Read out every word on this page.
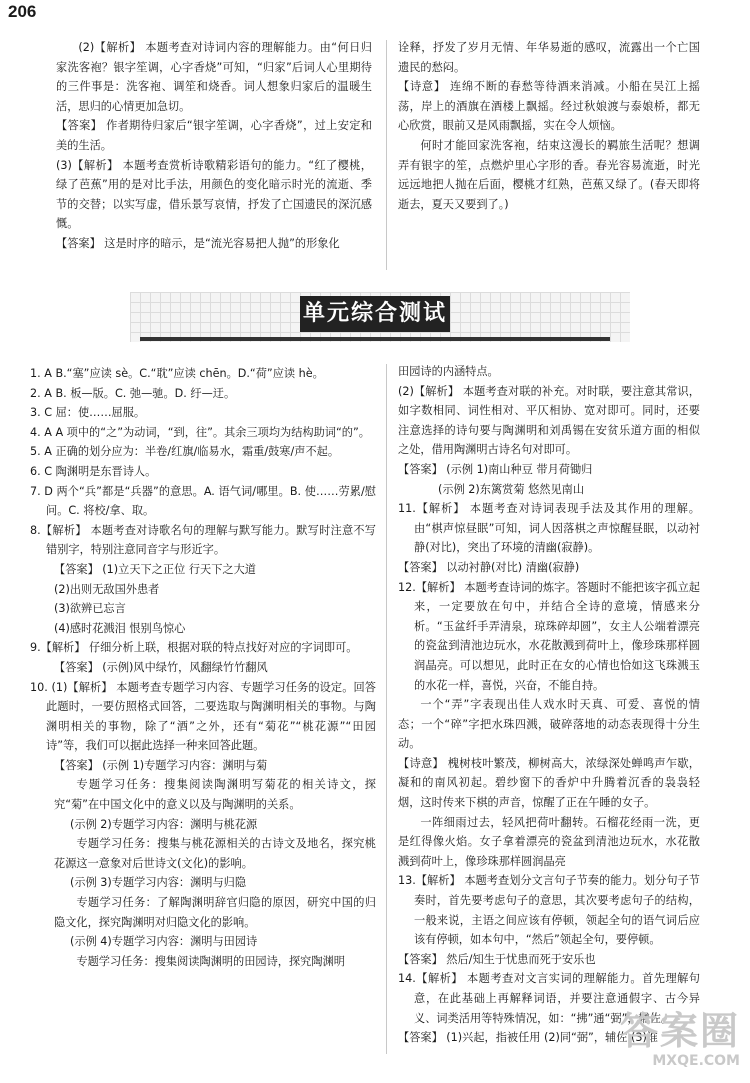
206

(2)【解析】 本题考查对诗词内容的理解能力。由“何日归家洗客袍？银字笙调，心字香烧”可知，“归家”后词人心里期待的三件事是：洗客袍、调笙和烧香。词人想象归家后的温暖生活，思归的心情更加急切。

【答案】 作者期待归家后“银字笙调，心字香烧”，过上安定和美的生活。

(3)【解析】 本题考查赏析诗歌精彩语句的能力。“红了樱桃，绿了芭蕉”用的是对比手法，用颜色的变化暗示时光的流逝、季节的交替；以实写虚，借乐景写哀情，抒发了亡国遗民的深沉感慨。

【答案】 这是时序的暗示，是“流光容易把人抛”的形象化

诠释，抒发了岁月无情、年华易逝的感叹，流露出一个亡国遗民的愁闷。

【诗意】 连绵不断的春愁等待酒来消减。小船在吴江上摇荡，岸上的酒旗在酒楼上飘摇。经过秋娘渡与泰娘桥，都无心欣赏，眼前又是风雨飘摇，实在令人烦恼。

何时才能回家洗客袍，结束这漫长的羁旅生活呢？想调弄有银字的笙，点燃炉里心字形的香。春光容易流逝，时光远远地把人抛在后面，樱桃才红熟，芭蕉又绿了。(春天即将逝去，夏天又要到了。)

单元综合测试

1. A B.“塞”应读 sè。C.“耽”应读 chēn。D.“荷”应读 hè。

2. A B. 板—版。C. 弛—驰。D. 纡—迂。

3. C 屈：使……屈服。

4. A A 项中的“之”为动词，“到，往”。其余三项均为结构助词“的”。

5. A 正确的划分应为：半卷/红旗/临易水，霜重/鼓寒/声不起。

6. C 陶渊明是东晋诗人。

7. D 两个“兵”都是“兵器”的意思。A. 语气词/哪里。B. 使……劳累/慰问。C. 将校/拿、取。

8.【解析】 本题考查对诗歌名句的理解与默写能力。默写时注意不写错别字，特别注意同音字与形近字。

【答案】 (1)立天下之正位 行天下之大道

(2)出则无敌国外患者

(3)欲辨已忘言

(4)感时花溅泪 恨别鸟惊心

9.【解析】 仔细分析上联，根据对联的特点找好对应的字词即可。

【答案】 (示例)风中绿竹，风翻绿竹竹翻风

10. (1)【解析】 本题考查专题学习内容、专题学习任务的设定。回答此题时，一要仿照格式回答，二要选取与陶渊明相关的事物。与陶渊明相关的事物，除了“酒”之外，还有“菊花”“桃花源”“田园诗”等，我们可以据此选择一种来回答此题。

【答案】 (示例 1)专题学习内容：渊明与菊

专题学习任务：搜集阅读陶渊明写菊花的相关诗文，探究“菊”在中国文化中的意义以及与陶渊明的关系。

(示例 2)专题学习内容：渊明与桃花源

专题学习任务：搜集与桃花源相关的古诗文及地名，探究桃花源这一意象对后世诗文(文化)的影响。

(示例 3)专题学习内容：渊明与归隐

专题学习任务：了解陶渊明辞官归隐的原因，研究中国的归隐文化，探究陶渊明对归隐文化的影响。

(示例 4)专题学习内容：渊明与田园诗

专题学习任务：搜集阅读陶渊明的田园诗，探究陶渊明

田园诗的内涵特点。

(2)【解析】 本题考查对联的补充。对时联，要注意其常识，如字数相同、词性相对、平仄相协、宽对即可。同时，还要注意选择的诗句要与陶渊明和刘禹锡在安贫乐道方面的相似之处，借用陶渊明古诗名句对即可。

【答案】 (示例 1)南山种豆 带月荷锄归

(示例 2)东篱赏菊 悠然见南山

11.【解析】 本题考查对诗词表现手法及其作用的理解。由“棋声惊昼眠”可知，词人因落棋之声惊醒昼眠，以动衬静(对比)，突出了环境的清幽(寂静)。

【答案】 以动衬静(对比) 清幽(寂静)

12.【解析】 本题考查诗词的炼字。答题时不能把该字孤立起来，一定要放在句中，并结合全诗的意境，情感来分析。“玉盆纤手弄清泉，琼珠碎却圆”，女主人公端着漂亮的瓷盆到清池边玩水，水花散溅到荷叶上，像珍珠那样圆润晶亮。可以想见，此时正在女的心情也恰如这飞珠溅玉的水花一样，喜悦，兴奋，不能自持。

一个“弄”字表现出佳人戏水时天真、可爱、喜悦的情态；一个“碎”字把水珠四溅，破碎落地的动态表现得十分生动。

【诗意】 槐树枝叶繁茂，柳树高大，浓绿深处蝉鸣声乍歇，凝和的南风初起。碧纱窗下的香炉中升腾着沉香的袅袅轻烟，这时传来下棋的声音，惊醒了正在午睡的女子。

一阵细雨过去，轻风把荷叶翻转。石榴花经雨一洗，更是红得像火焰。女子拿着漂亮的瓷盆到清池边玩水，水花散溅到荷叶上，像珍珠那样圆润晶亮

13.【解析】 本题考查划分文言句子节奏的能力。划分句子节奏时，首先要考虑句子的意思，其次要考虑句子的结构，一般来说，主语之间应该有停顿，领起全句的语气词后应该有停顿，如本句中，“然后”领起全句，要停顿。

【答案】 然后/知生于忧患而死于安乐也

14.【解析】 本题考查对文言实词的理解能力。首先理解句意，在此基础上再解释词语，并要注意通假字、古今异义、词类活用等特殊情况，如：“拂”通“弼”，辅佐。

【答案】 (1)兴起，指被任用 (2)同“弼”，辅佐 (3)谁

答案圈
MXQE.COM
